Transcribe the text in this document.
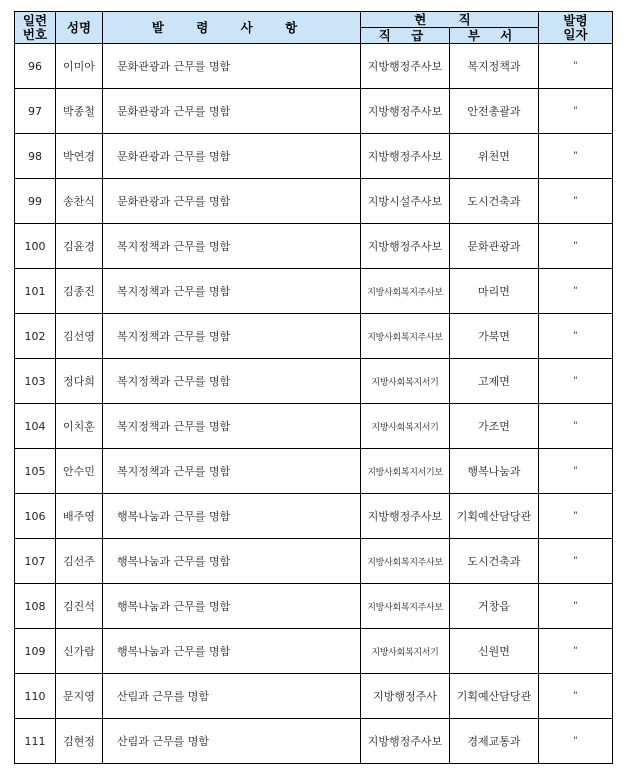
일련
번호	성명	발 령 사 항	현 직		발령
일자
			직 급	부 서	
96	이미아	문화관광과 근무를 명함	지방행정주사보	복지정책과	"
97	박종철	문화관광과 근무를 명함	지방행정주사보	안전총괄과	"
98	박연경	문화관광과 근무를 명함	지방행정주사보	위천면	"
99	송찬식	문화관광과 근무를 명함	지방시설주사보	도시건축과	"
100	김윤경	복지정책과 근무를 명함	지방행정주사보	문화관광과	"
101	김종진	복지정책과 근무를 명함	지방사회복지주사보	마리면	"
102	김선영	복지정책과 근무를 명함	지방사회복지주사보	가북면	"
103	정다희	복지정책과 근무를 명함	지방사회복지서기	고제면	"
104	이치훈	복지정책과 근무를 명함	지방사회복지서기	가조면	"
105	안수민	복지정책과 근무를 명함	지방사회복지서기보	행복나눔과	"
106	배주영	행복나눔과 근무를 명함	지방행정주사보	기획예산담당관	"
107	김선주	행복나눔과 근무를 명함	지방사회복지주사보	도시건축과	"
108	김진석	행복나눔과 근무를 명함	지방사회복지주사보	거창읍	"
109	신가람	행복나눔과 근무를 명함	지방사회복지서기	신원면	"
110	문지영	산림과 근무를 명함	지방행정주사	기획예산담당관	"
111	김현정	산림과 근무를 명함	지방행정주사보	경제교통과	"
